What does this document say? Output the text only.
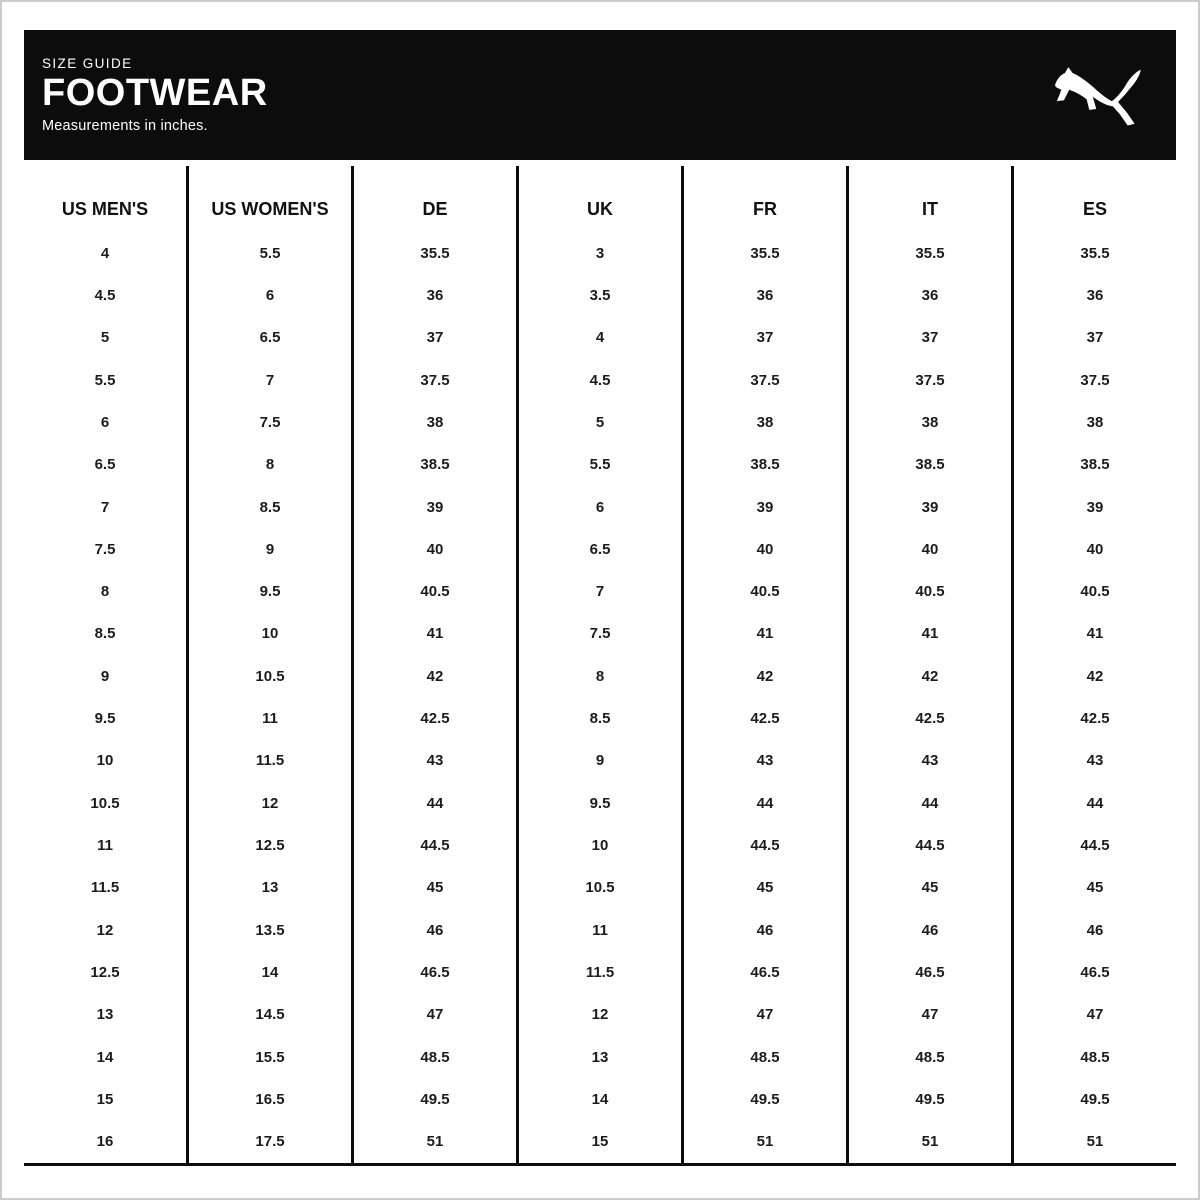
SIZE GUIDE
FOOTWEAR
Measurements in inches.
US MEN'S
4
4.5
5
5.5
6
6.5
7
7.5
8
8.5
9
9.5
10
10.5
11
11.5
12
12.5
13
14
15
16
US WOMEN'S
5.5
6
6.5
7
7.5
8
8.5
9
9.5
10
10.5
11
11.5
12
12.5
13
13.5
14
14.5
15.5
16.5
17.5
DE
35.5
36
37
37.5
38
38.5
39
40
40.5
41
42
42.5
43
44
44.5
45
46
46.5
47
48.5
49.5
51
UK
3
3.5
4
4.5
5
5.5
6
6.5
7
7.5
8
8.5
9
9.5
10
10.5
11
11.5
12
13
14
15
FR
35.5
36
37
37.5
38
38.5
39
40
40.5
41
42
42.5
43
44
44.5
45
46
46.5
47
48.5
49.5
51
IT
35.5
36
37
37.5
38
38.5
39
40
40.5
41
42
42.5
43
44
44.5
45
46
46.5
47
48.5
49.5
51
ES
35.5
36
37
37.5
38
38.5
39
40
40.5
41
42
42.5
43
44
44.5
45
46
46.5
47
48.5
49.5
51
